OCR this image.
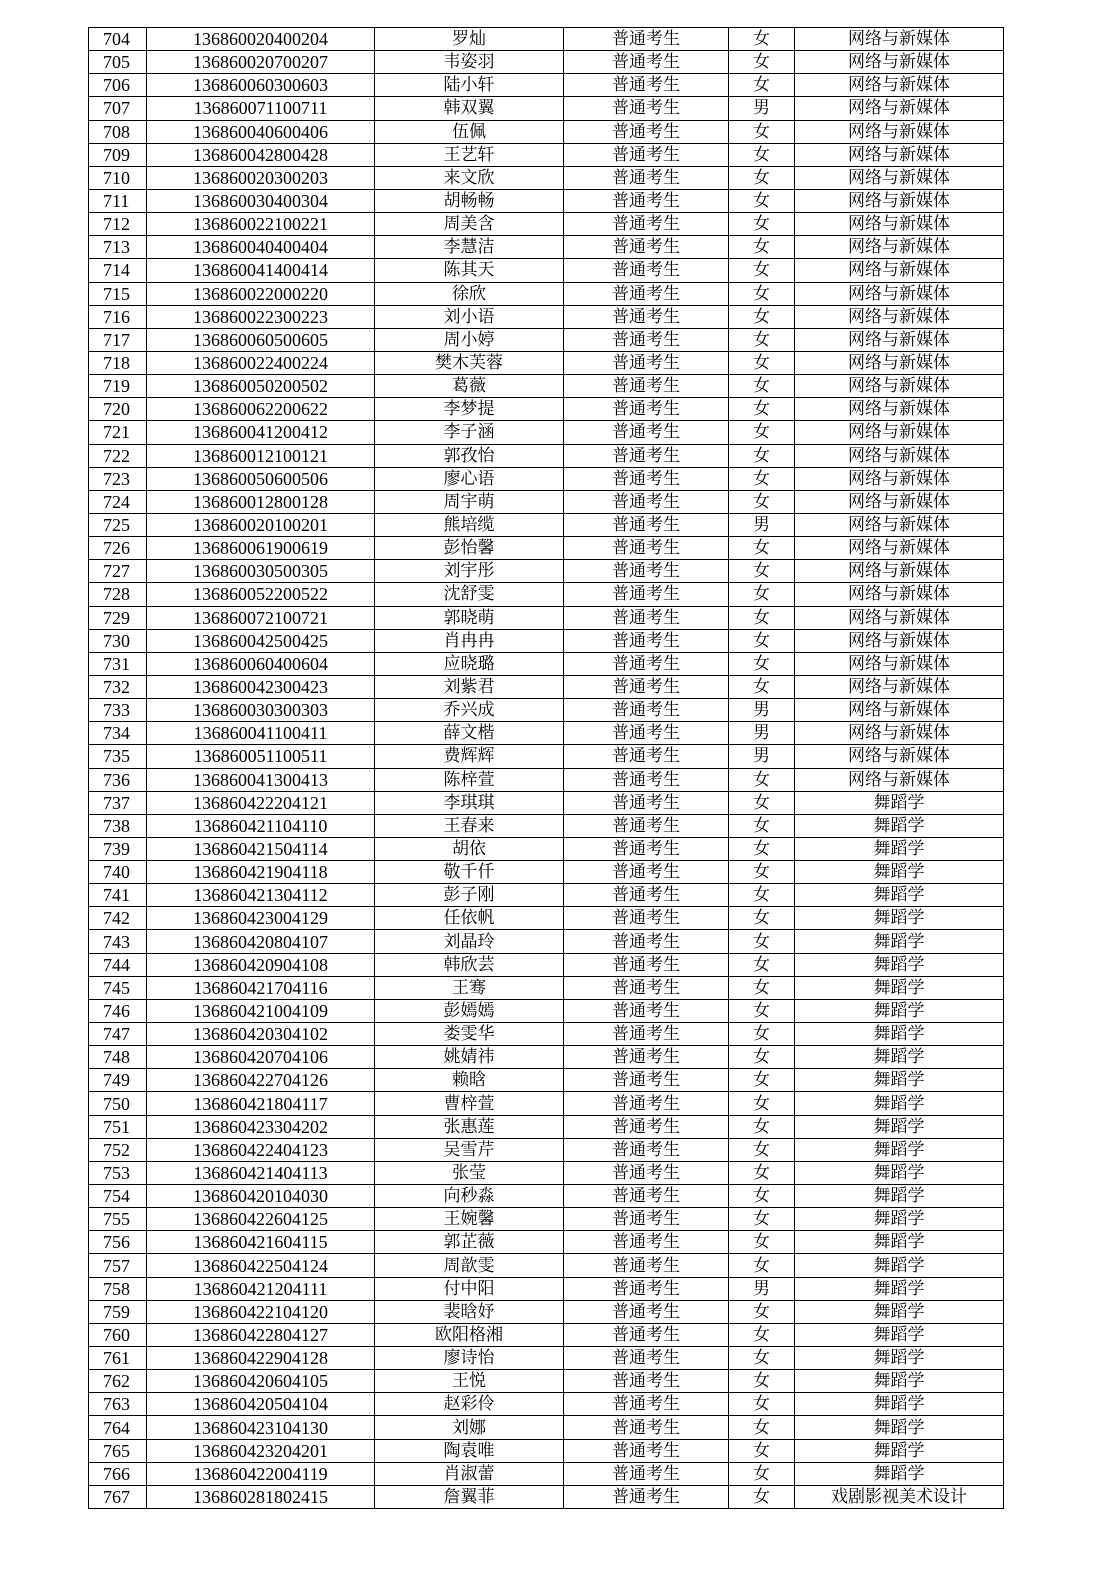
704	136860020400204	罗灿	普通考生	女	网络与新媒体
705	136860020700207	韦姿羽	普通考生	女	网络与新媒体
706	136860060300603	陆小轩	普通考生	女	网络与新媒体
707	136860071100711	韩双翼	普通考生	男	网络与新媒体
708	136860040600406	伍佩	普通考生	女	网络与新媒体
709	136860042800428	王艺轩	普通考生	女	网络与新媒体
710	136860020300203	来文欣	普通考生	女	网络与新媒体
711	136860030400304	胡畅畅	普通考生	女	网络与新媒体
712	136860022100221	周美含	普通考生	女	网络与新媒体
713	136860040400404	李慧洁	普通考生	女	网络与新媒体
714	136860041400414	陈其天	普通考生	女	网络与新媒体
715	136860022000220	徐欣	普通考生	女	网络与新媒体
716	136860022300223	刘小语	普通考生	女	网络与新媒体
717	136860060500605	周小婷	普通考生	女	网络与新媒体
718	136860022400224	樊木芙蓉	普通考生	女	网络与新媒体
719	136860050200502	葛薇	普通考生	女	网络与新媒体
720	136860062200622	李梦提	普通考生	女	网络与新媒体
721	136860041200412	李子涵	普通考生	女	网络与新媒体
722	136860012100121	郭孜怡	普通考生	女	网络与新媒体
723	136860050600506	廖心语	普通考生	女	网络与新媒体
724	136860012800128	周宇萌	普通考生	女	网络与新媒体
725	136860020100201	熊培缆	普通考生	男	网络与新媒体
726	136860061900619	彭怡馨	普通考生	女	网络与新媒体
727	136860030500305	刘宇彤	普通考生	女	网络与新媒体
728	136860052200522	沈舒雯	普通考生	女	网络与新媒体
729	136860072100721	郭晓萌	普通考生	女	网络与新媒体
730	136860042500425	肖冉冉	普通考生	女	网络与新媒体
731	136860060400604	应晓璐	普通考生	女	网络与新媒体
732	136860042300423	刘紫君	普通考生	女	网络与新媒体
733	136860030300303	乔兴成	普通考生	男	网络与新媒体
734	136860041100411	薛文楷	普通考生	男	网络与新媒体
735	136860051100511	费辉辉	普通考生	男	网络与新媒体
736	136860041300413	陈梓萱	普通考生	女	网络与新媒体
737	136860422204121	李琪琪	普通考生	女	舞蹈学
738	136860421104110	王春来	普通考生	女	舞蹈学
739	136860421504114	胡依	普通考生	女	舞蹈学
740	136860421904118	敬千仟	普通考生	女	舞蹈学
741	136860421304112	彭子刚	普通考生	女	舞蹈学
742	136860423004129	任依帆	普通考生	女	舞蹈学
743	136860420804107	刘晶玲	普通考生	女	舞蹈学
744	136860420904108	韩欣芸	普通考生	女	舞蹈学
745	136860421704116	王骞	普通考生	女	舞蹈学
746	136860421004109	彭嫣嫣	普通考生	女	舞蹈学
747	136860420304102	娄雯华	普通考生	女	舞蹈学
748	136860420704106	姚婧祎	普通考生	女	舞蹈学
749	136860422704126	赖晗	普通考生	女	舞蹈学
750	136860421804117	曹梓萱	普通考生	女	舞蹈学
751	136860423304202	张惠莲	普通考生	女	舞蹈学
752	136860422404123	吴雪芹	普通考生	女	舞蹈学
753	136860421404113	张莹	普通考生	女	舞蹈学
754	136860420104030	向秒淼	普通考生	女	舞蹈学
755	136860422604125	王婉馨	普通考生	女	舞蹈学
756	136860421604115	郭芷薇	普通考生	女	舞蹈学
757	136860422504124	周歆雯	普通考生	女	舞蹈学
758	136860421204111	付中阳	普通考生	男	舞蹈学
759	136860422104120	裴晗妤	普通考生	女	舞蹈学
760	136860422804127	欧阳格湘	普通考生	女	舞蹈学
761	136860422904128	廖诗怡	普通考生	女	舞蹈学
762	136860420604105	王悦	普通考生	女	舞蹈学
763	136860420504104	赵彩伶	普通考生	女	舞蹈学
764	136860423104130	刘娜	普通考生	女	舞蹈学
765	136860423204201	陶袁唯	普通考生	女	舞蹈学
766	136860422004119	肖淑蕾	普通考生	女	舞蹈学
767	136860281802415	詹翼菲	普通考生	女	戏剧影视美术设计
